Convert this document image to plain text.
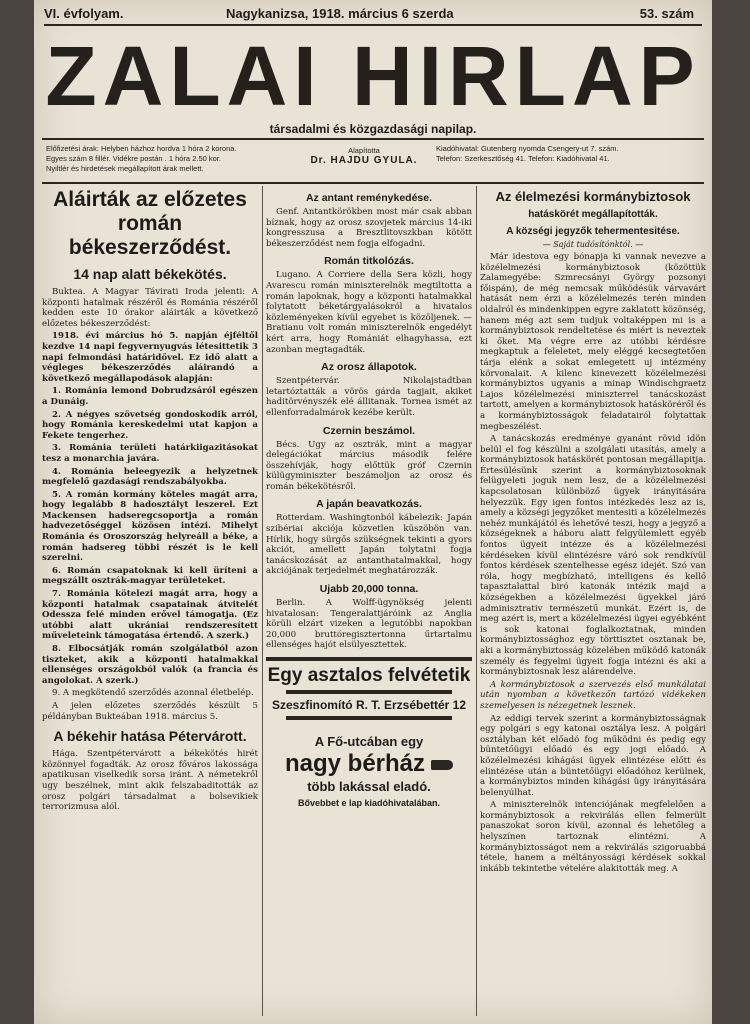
VI. évfolyam.	Nagykanizsa, 1918. március 6 szerda	53. szám
ZALAI HIRLAP
társadalmi és közgazdasági napilap.
Előfizetési árak: Helyben házhoz hordva 1 hóra 2 korona.
Egyes szám 8 fillér. Vidékre postán . 1 hóra 2.50 kor.
Nyiltlér és hirdetések megállapított árak mellett.
Alapította
Dr. HAJDU GYULA.
Kiadóhivatal: Gutenberg nyomda Csengery-ut 7. szám.
Telefon: Szerkesztőség 41. Telefon: Kiadóhivatal 41.
Aláirták az előzetes román békeszerződést.
14 nap alatt békekötés.

Buktea. A Magyar Távirati Iroda jelenti: A központi hatalmak részéről és Románia részéről kedden este 10 órakor aláirták a következő előzetes békeszerződést:

1918. évi március hó 5. napján éjféltől kezdve 14 napi fegyvernyugvás létesittetik 3 napi felmondási határidővel. Ez idő alatt a végleges békeszerződés aláirandó a következő megállapodások alapján:

1. Románia lemond Dobrudzsáról egészen a Dunáig.

2. A négyes szövetség gondoskodik arról, hogy Románia kereskedelmi utat kapjon a Fekete tengerhez.

3. Románia területi határkiigazitásokat tesz a monarchia javára.

4. Románia beleegyezik a helyzetnek megfelelő gazdasági rendszabályokba.

5. A román kormány köteles magát arra, hogy legalább 8 hadosztályt leszerel. Ezt Mackensen hadseregcsoportja a román hadvezetőséggel közösen intézi. Mihelyt Románia és Oroszország helyreáll a béke, a román hadsereg többi részét is le kell szerelni.

6. Román csapatoknak ki kell üríteni a megszállt osztrák-magyar területeket.

7. Románia kötelezi magát arra, hogy a központi hatalmak csapatainak átvitelét Odessza felé minden erővel támogatja. (Ez utóbbi alatt ukrániai rendszeresített műveleteink támogatása értendő. A szerk.)

8. Elbocsátják román szolgálatból azon tiszteket, akik a központi hatalmakkal ellenséges országokból valók (a francia és angolokat. A szerk.)

9. A megkötendő szerződés azonnal életbelép.

A jelen előzetes szerződés készült 5 példányban Bukteában 1918. március 5.

A békehir hatása Pétervárott.

Hága. Szentpétervárott a békekötés hirét közönnyel fogadták. Az orosz főváros lakossága apatikusan viselkedik sorsa iránt. A németekről ugy beszélnek, mint akik felszabaditották az orosz polgári társadalmat a bolsevikiek terrorizmusa alól.

Az antant reménykedése.

Genf. Antantkörökben most már csak abban bíznak, hogy az orosz szovjetek március 14-iki kongresszusa a Bresztlitovszkban kötött békeszerződést nem fogja elfogadni.

Román titkolózás.

Lugano. A Corriere della Sera közli, hogy Avarescu román miniszterelnök megtiltotta a román lapoknak, hogy a központi hatalmakkal folytatott béketárgyalásokról a hivatalos közleményeken kívül egyebet is közöljenek. — Bratianu volt román miniszterelnök engedélyt kért arra, hogy Romániát elhagyhassa, ezt azonban megtagadták.

Az orosz állapotok.

Szentpétervár. Nikolajstadtban letartóztatták a vörös gárda tagjait, akiket haditörvényszék elé állitanak. Tornea ismét az ellenforradalmárok kezébe került.

Czernin beszámol.

Bécs. Ugy az osztrák, mint a magyar delegációkat március második felére összehívják, hogy előttük gróf Czernin külügyminiszter beszámoljon az orosz és román békekötésről.

A japán beavatkozás.

Rotterdam. Washingtonból kábelezik: Japán szibériai akciója közvetlen küszöbön van. Hírlik, hogy sürgős szükségnek tekinti a gyors akciót, amellett Japán tolytatni fogja tanácskozását az antanthatalmakkal, hogy akciójának terjedelmét meghatározzák.

Ujabb 20,000 tonna.

Berlin. A Wolff-ügynökség jelenti hivatalosan: Tengeralattjáróink az Anglia körüli elzárt vizeken a legutóbbi napokban 20,000 bruttóregisztertonna űrtartalmu ellenséges hajót elsülyesztettek.

Egy asztalos felvétetik
Szeszfinomító R. T. Erzsébettér 12
A Fő-utcában egy
nagy bérház
több lakással eladó.
Bővebbet e lap kiadóhivatalában.
Az élelmezési kormánybiztosok
hatáskörét megállapították.
A községi jegyzők tehermentesitése.
— Saját tudósítónktól. —

Már idestova egy bónapja ki vannak nevezve a közélelmezési kormánybiztosok (közöttük Zalamegyébe: Szmrecsányi György pozsonyi főispán), de még nemcsak működésük várvavárt hatását nem érzi a közélelmezés terén minden oldalról és mindenkippen egyre zaklatott közönség, hanem még azt sem tudjuk voltaképpen mi is a kormánybiztosok rendeltetése és miért is neveztek ki őket. Ma végre erre az utóbbi kérdésre megkaptuk a feleletet, mely eléggé kecsegtetően tárja elénk a sokat emlegetett uj intézmény körvonalait. A kilenc kinevezett közélelmezési kormánybiztos ugyanis a minap Windischgraetz Lajos közélelmezési miniszterrel tanácskozást tartott, amelyen a kormánybiztosok hatásköréről és a kormánybiztosságok feladatairól folytattak megbeszélést.

A tanácskozás eredménye gyanánt rövid idön belül el fog készülni a szolgálati utasítás, amely a kormánybiztosok hatáskörét pontosan megállapitja. Értesülésünk szerint a kormánybiztosoknak felügyeleti joguk nem lesz, de a közélelmezési kapcsolatosan különböző ügyek irányitására helyezzük. Egy igen fontos intézkedés lesz az is, amely a községi jegyzőket mentesiti a közélelmezés nehéz munkájától és lehetővé teszi, hogy a jegyző a községeknek a háboru alatt felgyülemlett egyéb fontos ügyeit intézze és a közélelmezési kérdéseken kívül elintézésre váró sok rendkívül fontos kérdések szentelhesse egész idejét. Szó van róla, hogy megbízható, intelligens és kellő tapasztalattal biró katonák intézik majd a községekben a közélelmezési ügyekkel járó adminisztrativ természetű munkát. Ezért is, de meg azért is, mert a közélelmezési ügyei egyébként is sok katonai foglalkoztatnak, minden kormánybiztossághoz egy törttisztet osztanak be, aki a kormánybiztosság közelében működő katonák személy és fegyelmi ügyeit fogja intézni és aki a kormánybiztosnak lesz alárendelve.

A kormánybiztosok a szervezés első munkálatai után nyomban a következőn tartózó vidékeken szemelyesen is nézegetnek lesznek.

Az eddigi tervek szerint a kormánybiztosságnak egy polgári s egy katonai osztálya lesz. A polgári osztályban két előadó fog működni és pedig egy büntetőügyi előadó és egy jogi előadó. A közélelmezési kihágási ügyek elintézése előtt és elintézése után a büntetőügyi előadóhoz kerülnek, a kormánybiztos minden kihágási ügy irányitására belenyúlhat.

A miniszterelnök intenciójának megfelelően a kormánybiztosok a rekvirálás ellen felmerült panaszokat soron kívül, azonnal és lehetőleg a helyszínen tartoznak elintézni. A kormánybiztosságot nem a rekvirálás szigoruabbá tétele, hanem a méltányossági kérdések sokkal inkább tekintetbe vételére alakitották meg. A
